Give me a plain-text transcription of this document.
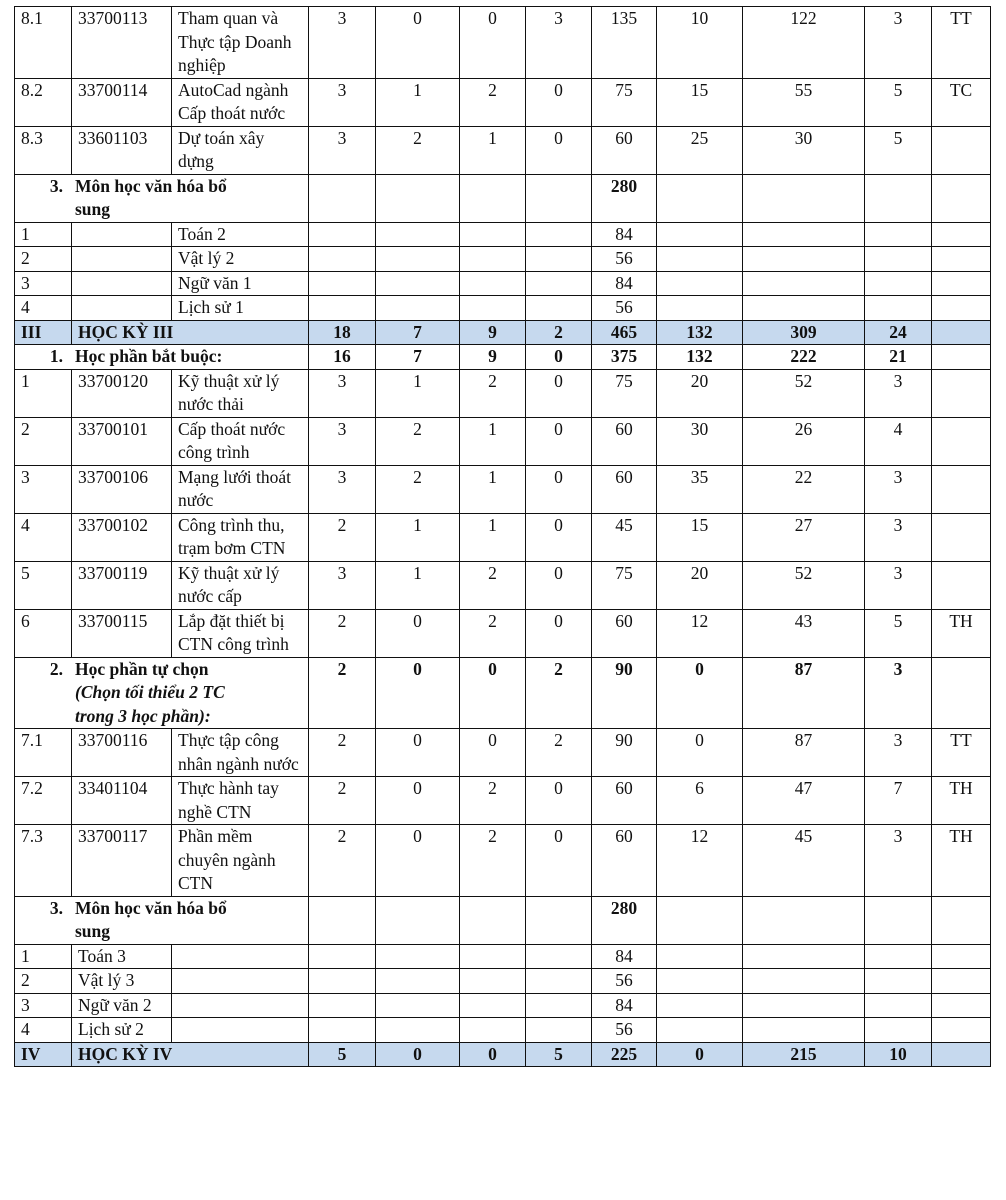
8.1	33700113	Tham quan và Thực tập Doanh nghiệp	3	0	0	3	135	10	122	3	TT
8.2	33700114	AutoCad ngành Cấp thoát nước	3	1	2	0	75	15	55	5	TC
8.3	33601103	Dự toán xây dựng	3	2	1	0	60	25	30	5	
3. Môn học văn hóa bổ
sung							280				
1		Toán 2					84				
2		Vật lý 2					56				
3		Ngữ văn 1					84				
4		Lịch sử 1					56				
III	HỌC KỲ III		18	7	9	2	465	132	309	24	
1. Học phần bắt buộc:			16	7	9	0	375	132	222	21	
1	33700120	Kỹ thuật xử lý nước thải	3	1	2	0	75	20	52	3	
2	33700101	Cấp thoát nước công trình	3	2	1	0	60	30	26	4	
3	33700106	Mạng lưới thoát nước	3	2	1	0	60	35	22	3	
4	33700102	Công trình thu, trạm bơm CTN	2	1	1	0	45	15	27	3	
5	33700119	Kỹ thuật xử lý nước cấp	3	1	2	0	75	20	52	3	
6	33700115	Lắp đặt thiết bị CTN công trình	2	0	2	0	60	12	43	5	TH
2. Học phần tự chọn
(Chọn tối thiểu 2 TC
trong 3 học phần):			2	0	0	2	90	0	87	3	
7.1	33700116	Thực tập công nhân ngành nước	2	0	0	2	90	0	87	3	TT
7.2	33401104	Thực hành tay nghề CTN	2	0	2	0	60	6	47	7	TH
7.3	33700117	Phần mềm chuyên ngành CTN	2	0	2	0	60	12	45	3	TH
3. Môn học văn hóa bổ
sung							280				
1	Toán 3						84				
2	Vật lý 3						56				
3	Ngữ văn 2						84				
4	Lịch sử 2						56				
IV	HỌC KỲ IV		5	0	0	5	225	0	215	10	
